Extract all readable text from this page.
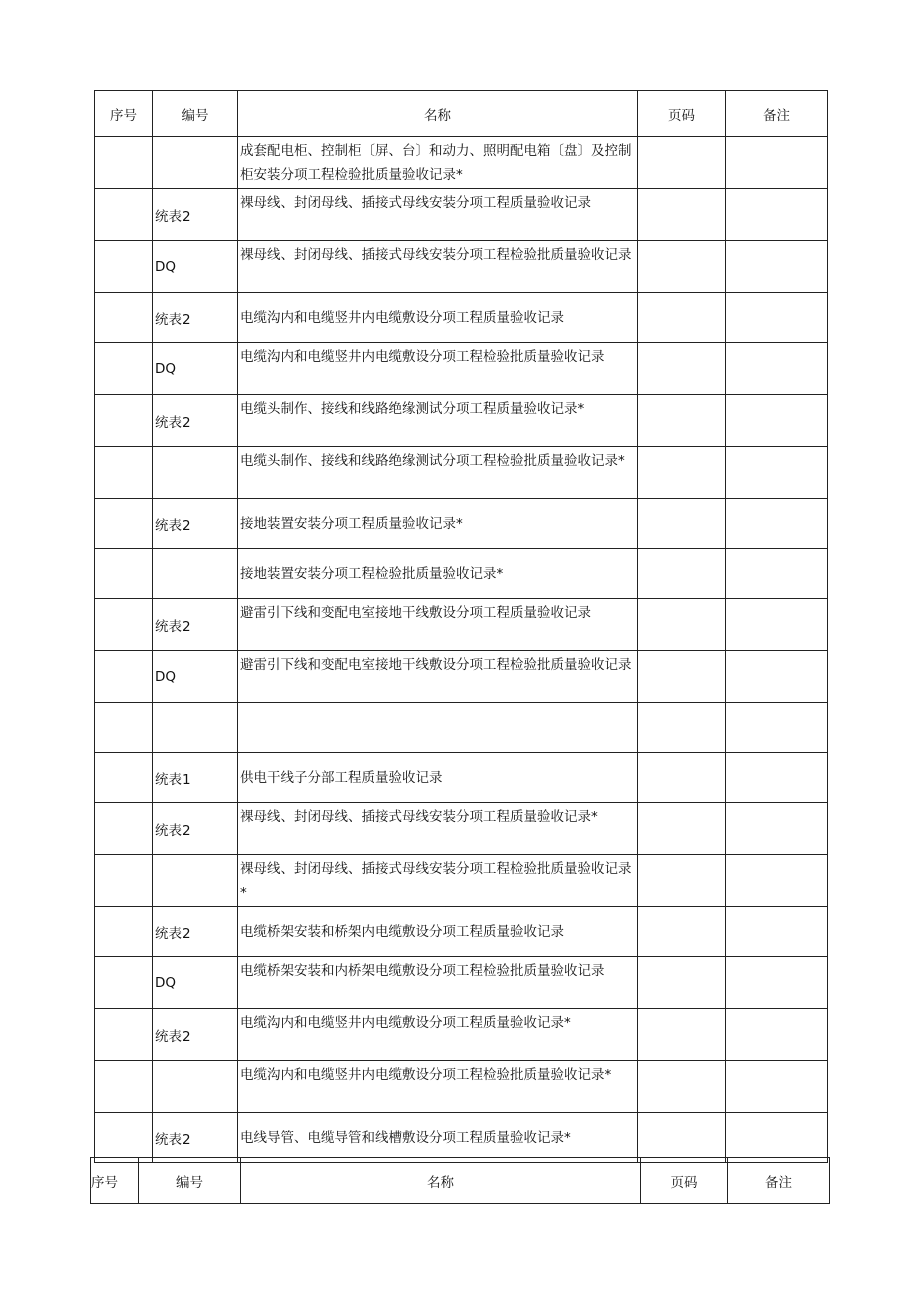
序号	编号	名称	页码	备注
		成套配电柜、控制柜〔屏、台〕和动力、照明配电箱〔盘〕及控制柜安装分项工程检验批质量验收记录*		
	统表2	裸母线、封闭母线、插接式母线安装分项工程质量验收记录		
	DQ	裸母线、封闭母线、插接式母线安装分项工程检验批质量验收记录		
	统表2	电缆沟内和电缆竖井内电缆敷设分项工程质量验收记录		
	DQ	电缆沟内和电缆竖井内电缆敷设分项工程检验批质量验收记录		
	统表2	电缆头制作、接线和线路绝缘测试分项工程质量验收记录*		
		电缆头制作、接线和线路绝缘测试分项工程检验批质量验收记录*		
	统表2	接地装置安装分项工程质量验收记录*		
		接地装置安装分项工程检验批质量验收记录*		
	统表2	避雷引下线和变配电室接地干线敷设分项工程质量验收记录		
	DQ	避雷引下线和变配电室接地干线敷设分项工程检验批质量验收记录		

	统表1	供电干线子分部工程质量验收记录		
	统表2	裸母线、封闭母线、插接式母线安装分项工程质量验收记录*		
		裸母线、封闭母线、插接式母线安装分项工程检验批质量验收记录*		
	统表2	电缆桥架安装和桥架内电缆敷设分项工程质量验收记录		
	DQ	电缆桥架安装和内桥架电缆敷设分项工程检验批质量验收记录		
	统表2	电缆沟内和电缆竖井内电缆敷设分项工程质量验收记录*		
		电缆沟内和电缆竖井内电缆敷设分项工程检验批质量验收记录*		
	统表2	电线导管、电缆导管和线槽敷设分项工程质量验收记录*		
序号	编号	名称	页码	备注
